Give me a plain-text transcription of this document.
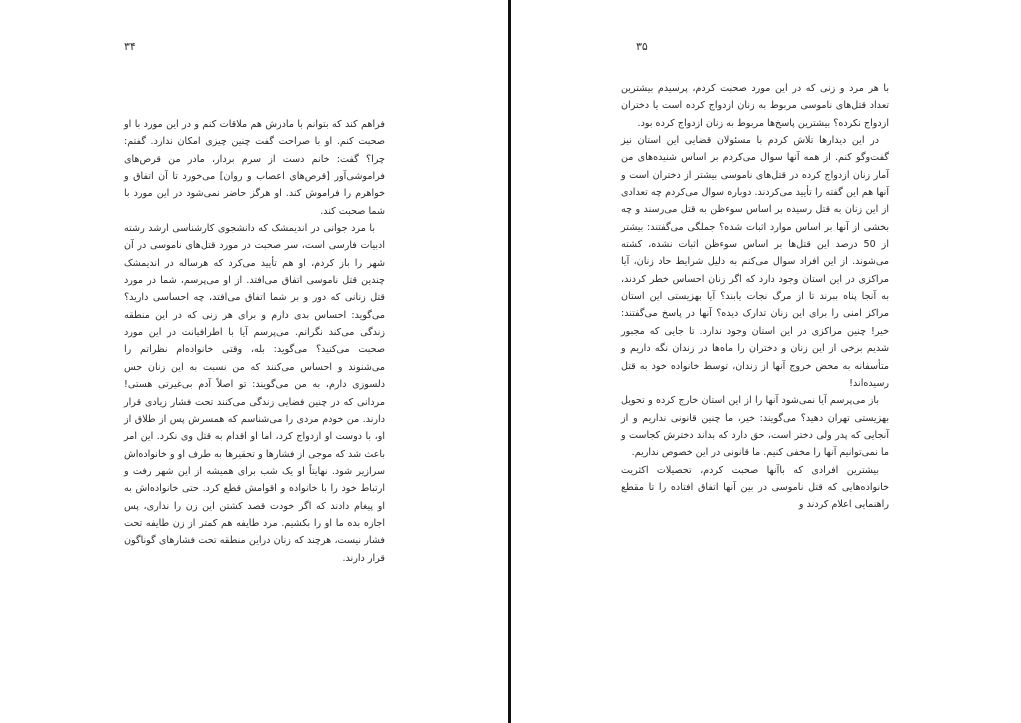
۳۴

فراهم کند که بتوانم با مادرش هم ملاقات کنم و در این مورد با او صحبت کنم. او با صراحت گفت چنین چیزی امکان ندارد. گفتم: چرا؟ گفت: خانم دست از سرم بردار، مادر من قرص‌های فراموشی‌آور [قرص‌های اعصاب و روان] می‌خورد تا آن اتفاق و خواهرم را فراموش کند. او هرگز حاضر نمی‌شود در این مورد با شما صحبت کند.

با مرد جوانی در اندیمشک که دانشجوی کارشناسی ارشد رشته ادبیات فارسی است، سر صحبت در مورد قتل‌های ناموسی در آن شهر را باز کردم، او هم تأیید می‌کرد که هرساله در اندیمشک چندین قتل ناموسی اتفاق می‌افتد. از او می‌پرسم، شما در مورد قتل زنانی که دور و بر شما اتفاق می‌افتد، چه احساسی دارید؟ می‌گوید: احساس بدی دارم و برای هر زنی که در این منطقه زندگی می‌کند نگرانم. می‌پرسم آیا با اطرافیانت در این مورد صحبت می‌کنید؟ می‌گوید: بله، وقتی خانواده‌ام نظراتم را می‌شنوند و احساس می‌کنند که من نسبت به این زنان حس دلسوزی دارم، به من می‌گویند: تو اصلاً آدم بی‌غیرتی هستی! مردانی که در چنین فضایی زندگی می‌کنند تحت فشار زیادی قرار دارند. من خودم مردی را می‌شناسم که همسرش پس از طلاق از او، با دوست او ازدواج کرد، اما او اقدام به قتل وی نکرد. این امر باعث شد که موجی از فشارها و تحقیرها به طرف او و خانواده‌اش سرازیر شود. نهایتاً او یک شب برای همیشه از این شهر رفت و ارتباط خود را با خانواده و اقوامش قطع کرد. حتی خانواده‌اش به او پیغام دادند که اگر خودت قصد کشتن این زن را نداری، پس اجازه بده ما او را بکشیم. مرد طایفه هم کمتر از زن طایفه تحت فشار نیست، هرچند که زنان دراین منطقه تحت فشارهای گوناگون قرار دارند.

۳۵

با هر مرد و زنی که در این مورد صحبت کردم، پرسیدم بیشترین تعداد قتل‌های ناموسی مربوط به زنان ازدواج کرده است یا دختران ازدواج نکرده؟ بیشترین پاسخ‌ها مربوط به زنان ازدواج کرده بود.

در این دیدارها تلاش کردم با مسئولان قضایی این استان نیز گفت‌وگو کنم. از همه آنها سوال می‌کردم بر اساس شنیده‌های من آمار زنان ازدواج کرده در قتل‌های ناموسی بیشتر از دختران است و آنها هم این گفته را تأیید می‌کردند. دوباره سوال می‌کردم چه تعدادی از این زنان به قتل رسیده بر اساس سوءظن به قتل می‌رسند و چه بخشی از آنها بر اساس موارد اثبات شده؟ جملگی می‌گفتند: بیشتر از 50 درصد این قتل‌ها بر اساس سوءظن اثبات نشده، کشته می‌شوند. از این افراد سوال می‌کنم به دلیل شرایط حاد زنان، آیا مراکزی در این استان وجود دارد که اگر زنان احساس خطر کردند، به آنجا پناه ببرند تا از مرگ نجات یابند؟ آیا بهزیستی این استان مراکز امنی را برای این زنان تدارک دیده؟ آنها در پاسخ می‌گفتند: خیر! چنین مراکزی در این استان وجود ندارد. تا جایی که مجبور شدیم برخی از این زنان و دختران را ماه‌ها در زندان نگه داریم و متأسفانه به محض خروج آنها از زندان، توسط خانواده خود به قتل رسیده‌اند!

باز می‌پرسم آیا نمی‌شود آنها را از این استان خارج کرده و تحویل بهزیستی تهران دهید؟ می‌گویند: خیر، ما چنین قانونی نداریم و از آنجایی که پدر ولی دختر است، حق دارد که بداند دخترش کجاست و ما نمی‌توانیم آنها را مخفی کنیم. ما قانونی در این خصوص نداریم.

بیشترین افرادی که باآنها صحبت کردم، تحصیلات اکثریت خانواده‌هایی که قتل ناموسی در بین آنها اتفاق افتاده را تا مقطع راهنمایی اعلام کردند و
